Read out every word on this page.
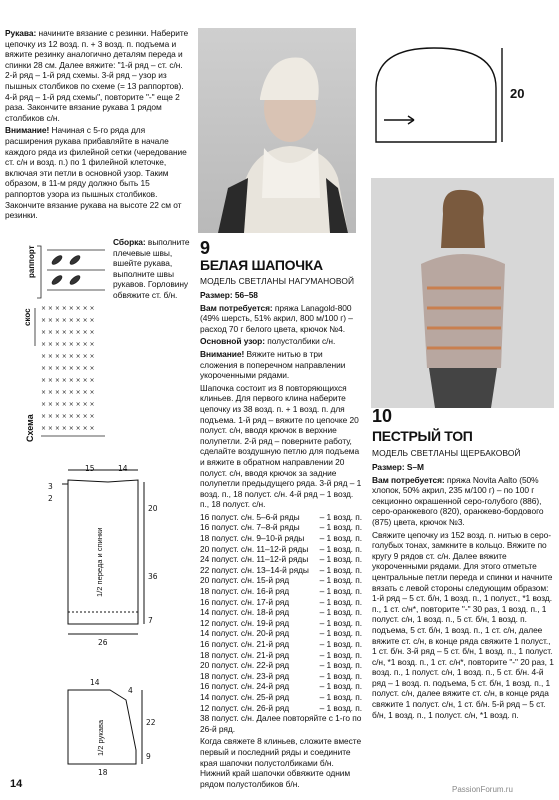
Рукава: начините вязание с резинки. Наберите цепочку из 12 возд. п. + 3 возд. п. подъема и вяжите резинку аналогично деталям переда и спинки 28 см. Далее вяжите: "1-й ряд – ст. с/н. 2-й ряд – 1-й ряд схемы. 3-й ряд – узор из пышных столбиков по схеме (= 13 раппортов). 4-й ряд – 1-й ряд схемы", повторите "-" еще 2 раза. Закончите вязание рукава 1 рядом столбиков с/н.

Внимание! Начиная с 5-го ряда для расширения рукава прибавляйте в начале каждого ряда из филейной сетки (чередование ст. с/н и возд. п.) по 1 филейной клеточке, включая эти петли в основной узор. Таким образом, в 11-м ряду должно быть 15 раппортов узора из пышных столбиков. Закончите вязание рукава на высоте 22 см от резинки.

Сборка: выполните плечевые швы, вшейте рукава, выполните швы рукавов. Горловину обвяжите ст. б/н.

раппорт
скос
Схема
× × × × × × × ×
× × × × × × × ×
× × × × × × × ×
× × × × × × × ×
× × × × × × × ×
× × × × × × × ×
× × × × × × × ×
× × × × × × × ×
× × × × × × × ×
× × × × × × × ×
× × × × × × × ×
15	14
3
2
20
36
7
26
1/2 переда и спинки
4
22
9
14
18
1/2 рукава
14
20
9
БЕЛАЯ ШАПОЧКА
МОДЕЛЬ СВЕТЛАНЫ НАГУМАНОВОЙ

Размер: 56–58

Вам потребуется: пряжа Lanagold-800 (49% шерсть, 51% акрил, 800 м/100 г) – расход 70 г белого цвета, крючок №4.

Основной узор: полустолбики с/н.

Внимание! Вяжите нитью в три сложения в поперечном направлении укороченными рядами.

Шапочка состоит из 8 повторяющихся клиньев. Для первого клина наберите цепочку из 38 возд. п. + 1 возд. п. для подъема. 1-й ряд – вяжите по цепочке 20 полуст. с/н, вводя крючок в верхние полупетли. 2-й ряд – поверните работу, сделайте воздушную петлю для подъема и вяжите в обратном направлении 20 полуст. с/н, вводя крючок за задние полупетли предыдущего ряда. 3-й ряд – 1 возд. п., 18 полуст. с/н. 4-й ряд – 1 возд. п., 18 полуст. с/н.

16 полуст. с/н. 5–6-й ряды	– 1 возд. п.
16 полуст. с/н. 7–8-й ряды	– 1 возд. п.
18 полуст. с/н. 9–10-й ряды	– 1 возд. п.
20 полуст. с/н. 11–12-й ряды	– 1 возд. п.
24 полуст. с/н. 11–12-й ряды	– 1 возд. п.
22 полуст. с/н. 13–14-й ряды	– 1 возд. п.
20 полуст. с/н. 15-й ряд	– 1 возд. п.
18 полуст. с/н. 16-й ряд	– 1 возд. п.
16 полуст. с/н. 17-й ряд	– 1 возд. п.
14 полуст. с/н. 18-й ряд	– 1 возд. п.
12 полуст. с/н. 19-й ряд	– 1 возд. п.
14 полуст. с/н. 20-й ряд	– 1 возд. п.
16 полуст. с/н. 21-й ряд	– 1 возд. п.
18 полуст. с/н. 21-й ряд	– 1 возд. п.
20 полуст. с/н. 22-й ряд	– 1 возд. п.
18 полуст. с/н. 23-й ряд	– 1 возд. п.
16 полуст. с/н. 24-й ряд	– 1 возд. п.
14 полуст. с/н. 25-й ряд	– 1 возд. п.
12 полуст. с/н. 26-й ряд	– 1 возд. п.

38 полуст. с/н. Далее повторяйте с 1-го по 26-й ряд.

Когда свяжете 8 клиньев, сложите вместе первый и последний ряды и соедините края шапочки полустолбиками б/н. Нижний край шапочки обвяжите одним рядом полустолбиков б/н.

10
ПЕСТРЫЙ ТОП
МОДЕЛЬ СВЕТЛАНЫ ЩЕРБАКОВОЙ

Размер: S–M

Вам потребуется: пряжа Novita Aalto (50% хлопок, 50% акрил, 235 м/100 г) – по 100 г секционно окрашенной серо-голубого (886), серо-оранжевого (820), оранжево-бордового (875) цвета, крючок №3.

Свяжите цепочку из 152 возд. п. нитью в серо-голубых тонах, замкните в кольцо. Вяжите по кругу 9 рядов ст. с/н. Далее вяжите укороченными рядами. Для этого отметьте центральные петли переда и спинки и начните вязать с левой стороны следующим образом: 1-й ряд – 5 ст. б/н, 1 возд. п., 1 полуст., *1 возд. п., 1 ст. с/н*, повторите "-" 30 раз, 1 возд. п., 1 полуст. с/н, 1 возд. п., 5 ст. б/н, 1 возд. п. подъема, 5 ст. б/н, 1 возд. п., 1 ст. с/н, далее вяжите ст. с/н, в конце ряда свяжите 1 полуст., 1 ст. б/н. 3-й ряд – 5 ст. б/н, 1 возд. п., 1 полуст. с/н, *1 возд. п., 1 ст. с/н*, повторите "-" 20 раз, 1 возд. п., 1 полуст. с/н, 1 возд. п., 5 ст. б/н. 4-й ряд – 1 возд. п. подъема, 5 ст. б/н, 1 возд. п., 1 полуст. с/н, далее вяжите ст. с/н, в конце ряда свяжите 1 полуст. с/н, 1 ст. б/н. 5-й ряд – 5 ст. б/н, 1 возд. п., 1 полуст. с/н, *1 возд. п.

PassionForum.ru
